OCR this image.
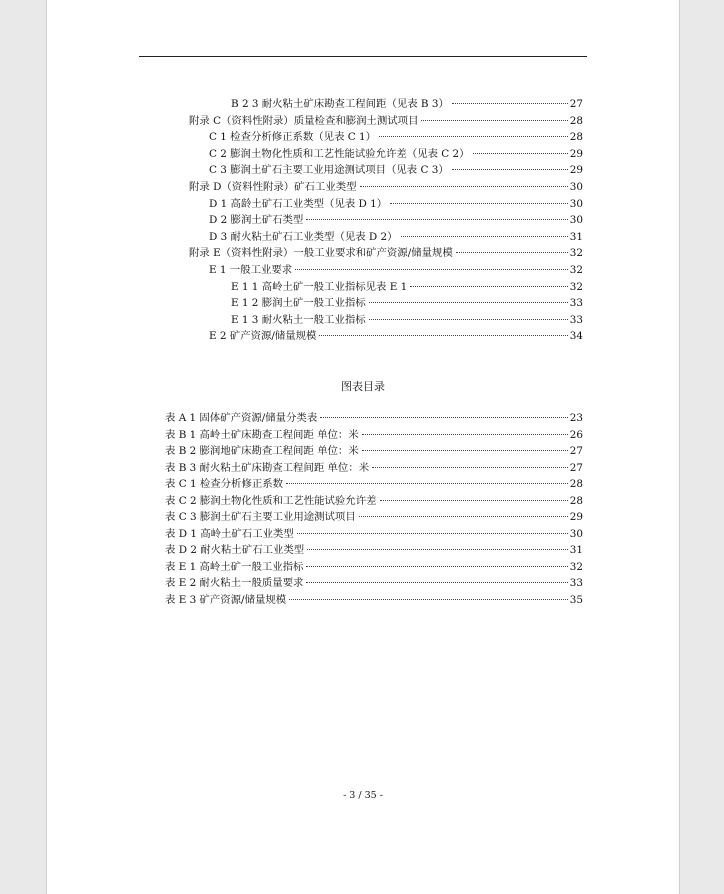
图表目录
- 3 / 35 -
B 2 3 耐火粘土矿床勘查工程间距（见表 B 3）	27
附录 C（资料性附录）质量检查和膨润土测试项目	28
C 1 检查分析修正系数（见表 C 1）	28
C 2 膨润土物化性质和工艺性能试验允许差（见表 C 2）	29
C 3 膨润土矿石主要工业用途测试项目（见表 C 3）	29
附录 D（资料性附录）矿石工业类型	30
D 1 高龄土矿石工业类型（见表 D 1）	30
D 2 膨润土矿石类型	30
D 3 耐火粘土矿石工业类型（见表 D 2）	31
附录 E（资料性附录）一般工业要求和矿产资源/储量规模	32
E 1 一般工业要求	32
E 1 1 高岭土矿一般工业指标见表 E 1	32
E 1 2 膨润土矿一般工业指标	33
E 1 3 耐火粘土一般工业指标	33
E 2 矿产资源/储量规模	34
表 A 1 固体矿产资源/储量分类表	23
表 B 1 高岭土矿床勘查工程间距 单位：米	26
表 B 2 膨润地矿床勘查工程间距 单位：米	27
表 B 3 耐火粘土矿床勘查工程间距 单位：米	27
表 C 1 检查分析修正系数	28
表 C 2 膨润土物化性质和工艺性能试验允许差	28
表 C 3 膨润土矿石主要工业用途测试项目	29
表 D 1 高岭土矿石工业类型	30
表 D 2 耐火粘土矿石工业类型	31
表 E 1 高岭土矿一般工业指标	32
表 E 2 耐火粘土一般质量要求	33
表 E 3 矿产资源/储量规模	35
